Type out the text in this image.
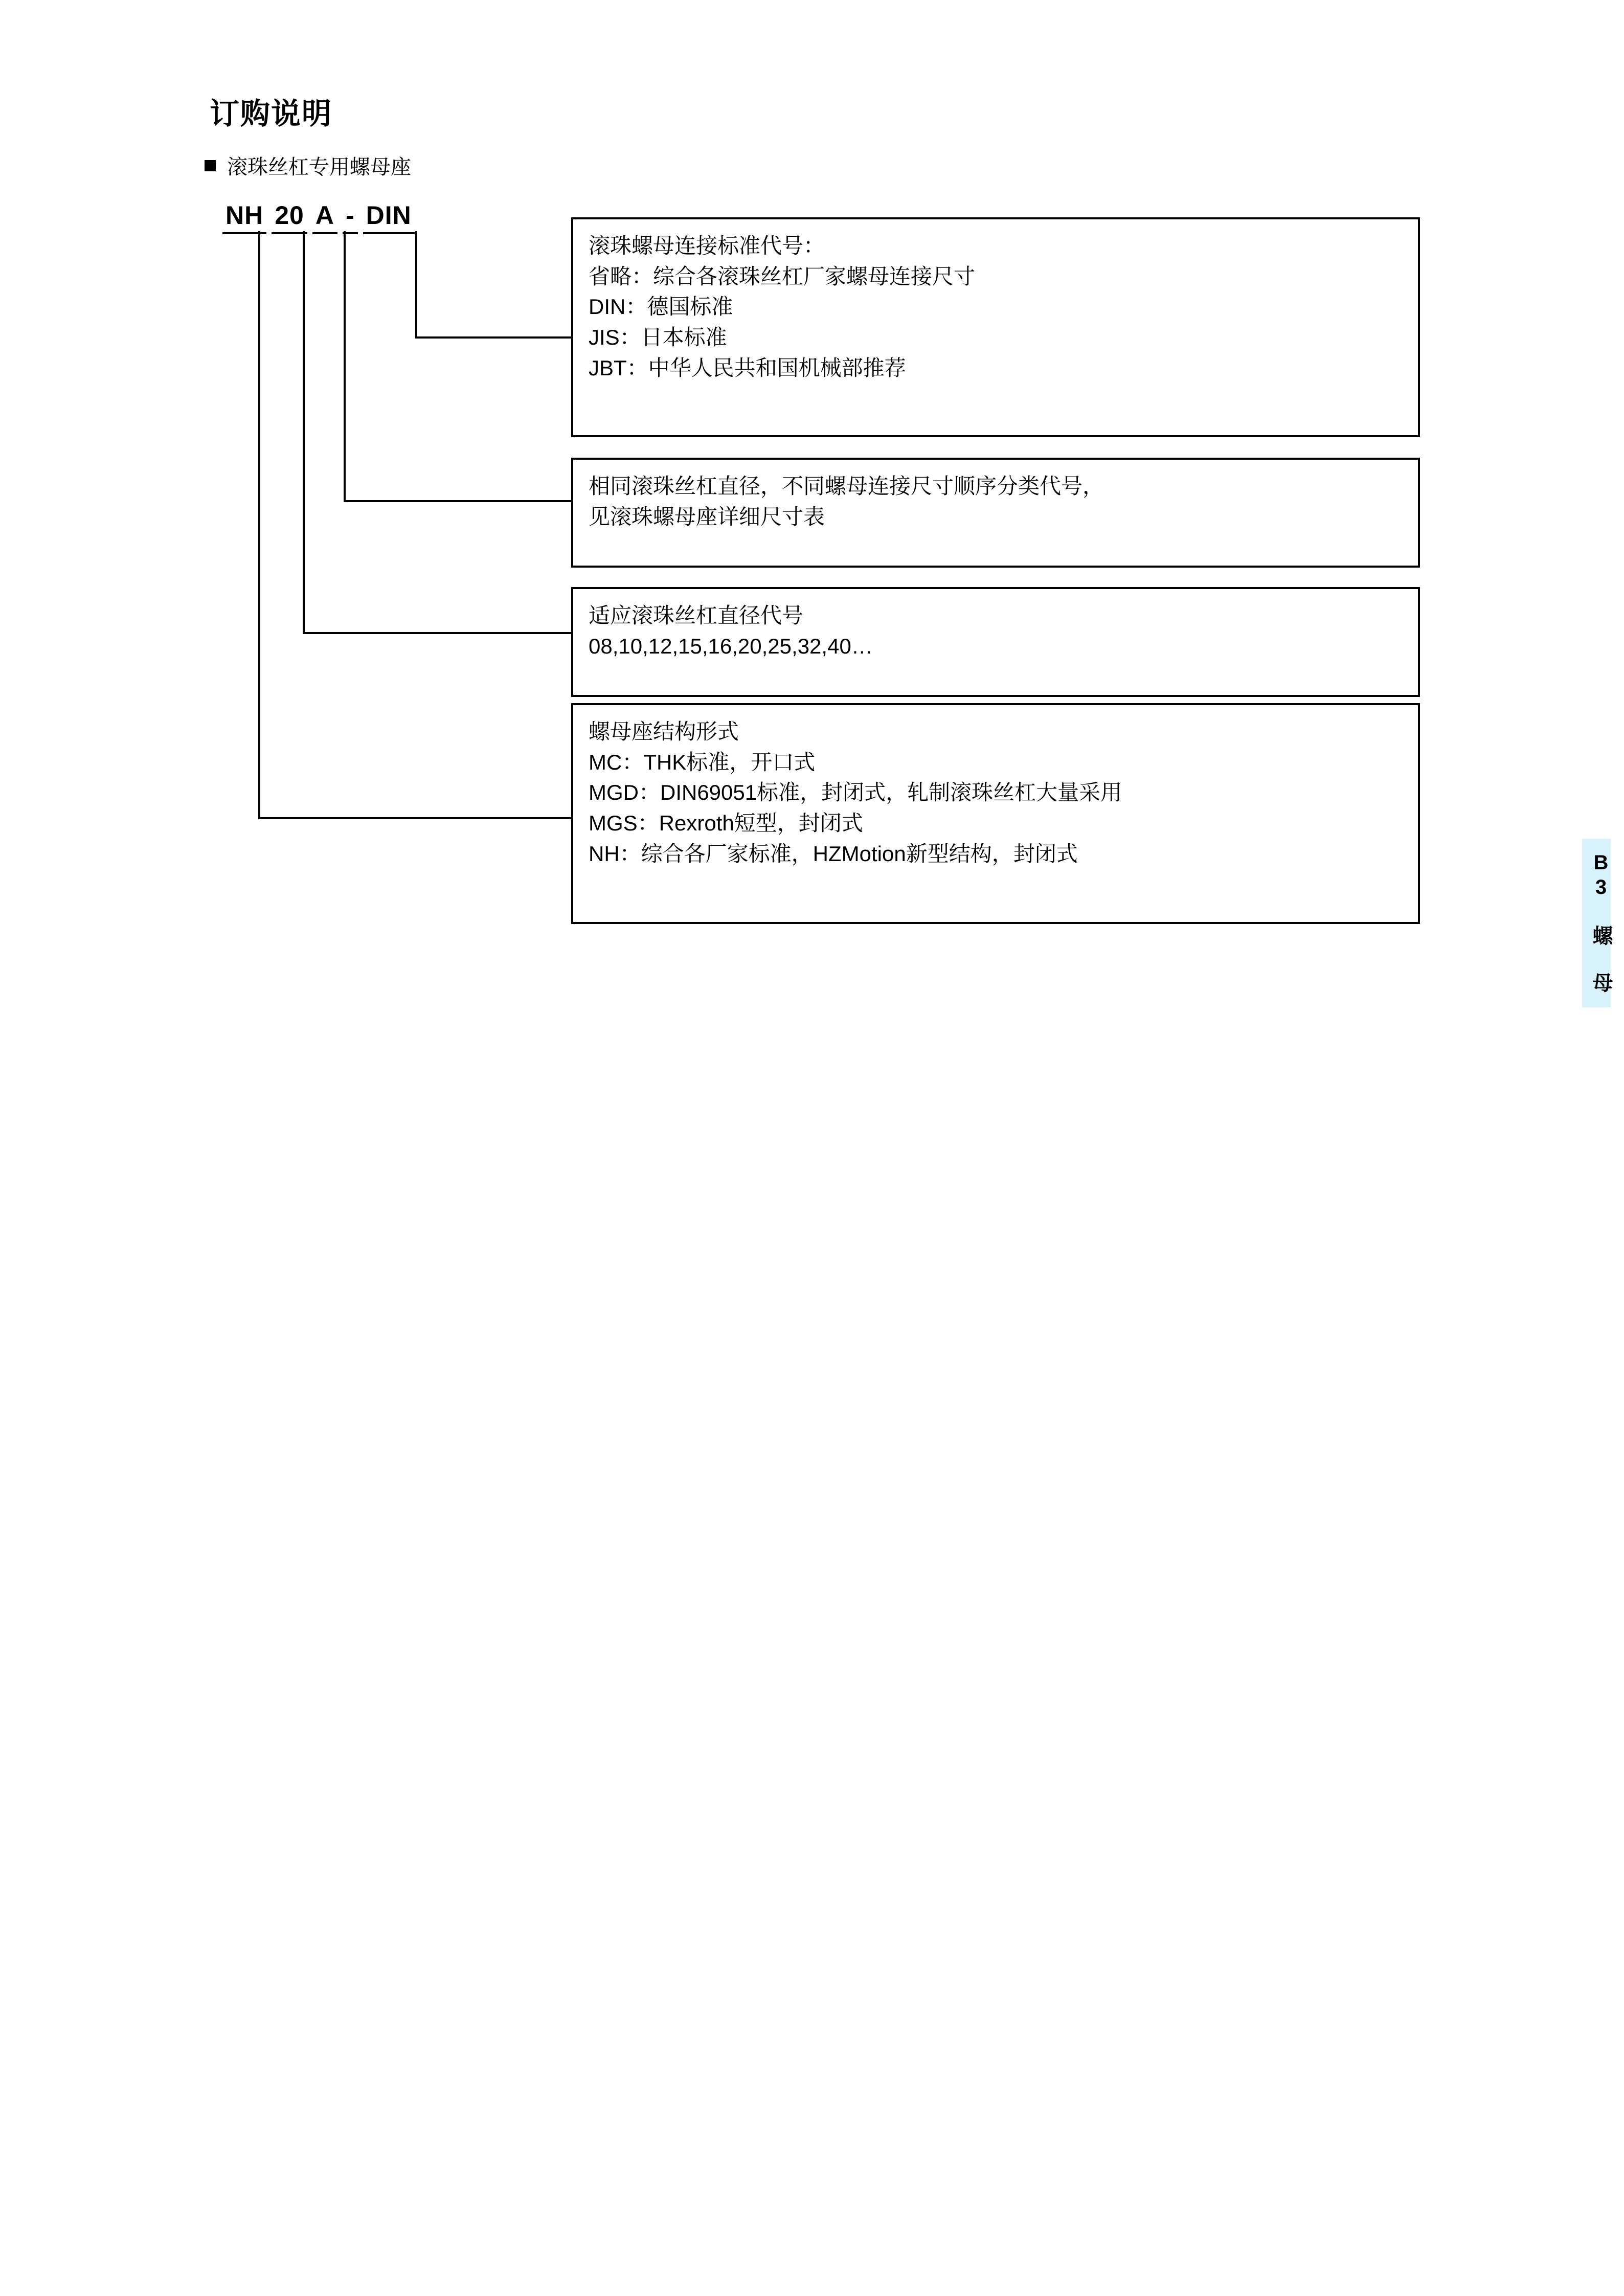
订购说明
滚珠丝杠专用螺母座
NH 20 A - DIN
滚珠螺母连接标准代号：
省略：综合各滚珠丝杠厂家螺母连接尺寸
DIN：德国标准
JIS：日本标准
JBT：中华人民共和国机械部推荐
相同滚珠丝杠直径，不同螺母连接尺寸顺序分类代号，
见滚珠螺母座详细尺寸表
适应滚珠丝杠直径代号
08,10,12,15,16,20,25,32,40…
螺母座结构形式
MC：THK标准，开口式
MGD：DIN69051标准，封闭式，轧制滚珠丝杠大量采用
MGS：Rexroth短型，封闭式
NH：综合各厂家标准，HZMotion新型结构，封闭式	B3 螺 母
